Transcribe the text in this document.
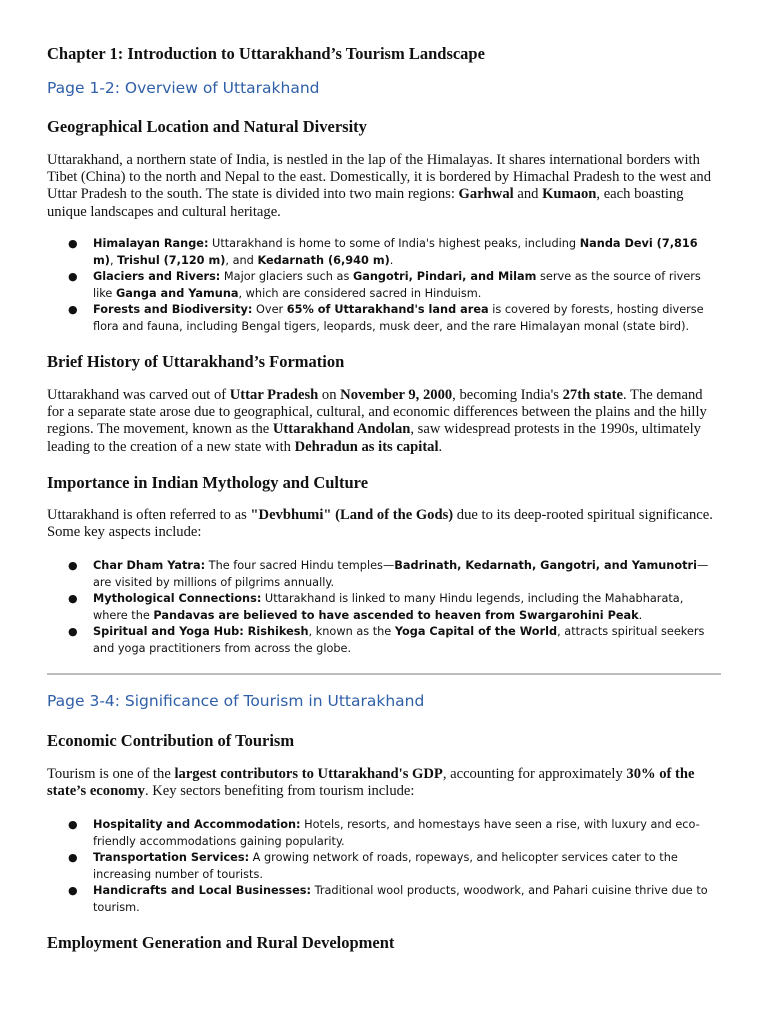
Chapter 1: Introduction to Uttarakhand’s Tourism Landscape
Page 1-2: Overview of Uttarakhand
Geographical Location and Natural Diversity

Uttarakhand, a northern state of India, is nestled in the lap of the Himalayas. It shares international borders with Tibet (China) to the north and Nepal to the east. Domestically, it is bordered by Himachal Pradesh to the west and Uttar Pradesh to the south. The state is divided into two main regions: Garhwal and Kumaon, each boasting unique landscapes and cultural heritage.

● Himalayan Range: Uttarakhand is home to some of India's highest peaks, including Nanda Devi (7,816 m), Trishul (7,120 m), and Kedarnath (6,940 m).
● Glaciers and Rivers: Major glaciers such as Gangotri, Pindari, and Milam serve as the source of rivers like Ganga and Yamuna, which are considered sacred in Hinduism.
● Forests and Biodiversity: Over 65% of Uttarakhand's land area is covered by forests, hosting diverse flora and fauna, including Bengal tigers, leopards, musk deer, and the rare Himalayan monal (state bird).
Brief History of Uttarakhand’s Formation

Uttarakhand was carved out of Uttar Pradesh on November 9, 2000, becoming India's 27th state. The demand for a separate state arose due to geographical, cultural, and economic differences between the plains and the hilly regions. The movement, known as the Uttarakhand Andolan, saw widespread protests in the 1990s, ultimately leading to the creation of a new state with Dehradun as its capital.

Importance in Indian Mythology and Culture

Uttarakhand is often referred to as "Devbhumi" (Land of the Gods) due to its deep-rooted spiritual significance. Some key aspects include:

● Char Dham Yatra: The four sacred Hindu temples—Badrinath, Kedarnath, Gangotri, and Yamunotri—are visited by millions of pilgrims annually.
● Mythological Connections: Uttarakhand is linked to many Hindu legends, including the Mahabharata, where the Pandavas are believed to have ascended to heaven from Swargarohini Peak.
● Spiritual and Yoga Hub: Rishikesh, known as the Yoga Capital of the World, attracts spiritual seekers and yoga practitioners from across the globe.
Page 3-4: Significance of Tourism in Uttarakhand
Economic Contribution of Tourism

Tourism is one of the largest contributors to Uttarakhand's GDP, accounting for approximately 30% of the state’s economy. Key sectors benefiting from tourism include:

● Hospitality and Accommodation: Hotels, resorts, and homestays have seen a rise, with luxury and eco-friendly accommodations gaining popularity.
● Transportation Services: A growing network of roads, ropeways, and helicopter services cater to the increasing number of tourists.
● Handicrafts and Local Businesses: Traditional wool products, woodwork, and Pahari cuisine thrive due to tourism.
Employment Generation and Rural Development
